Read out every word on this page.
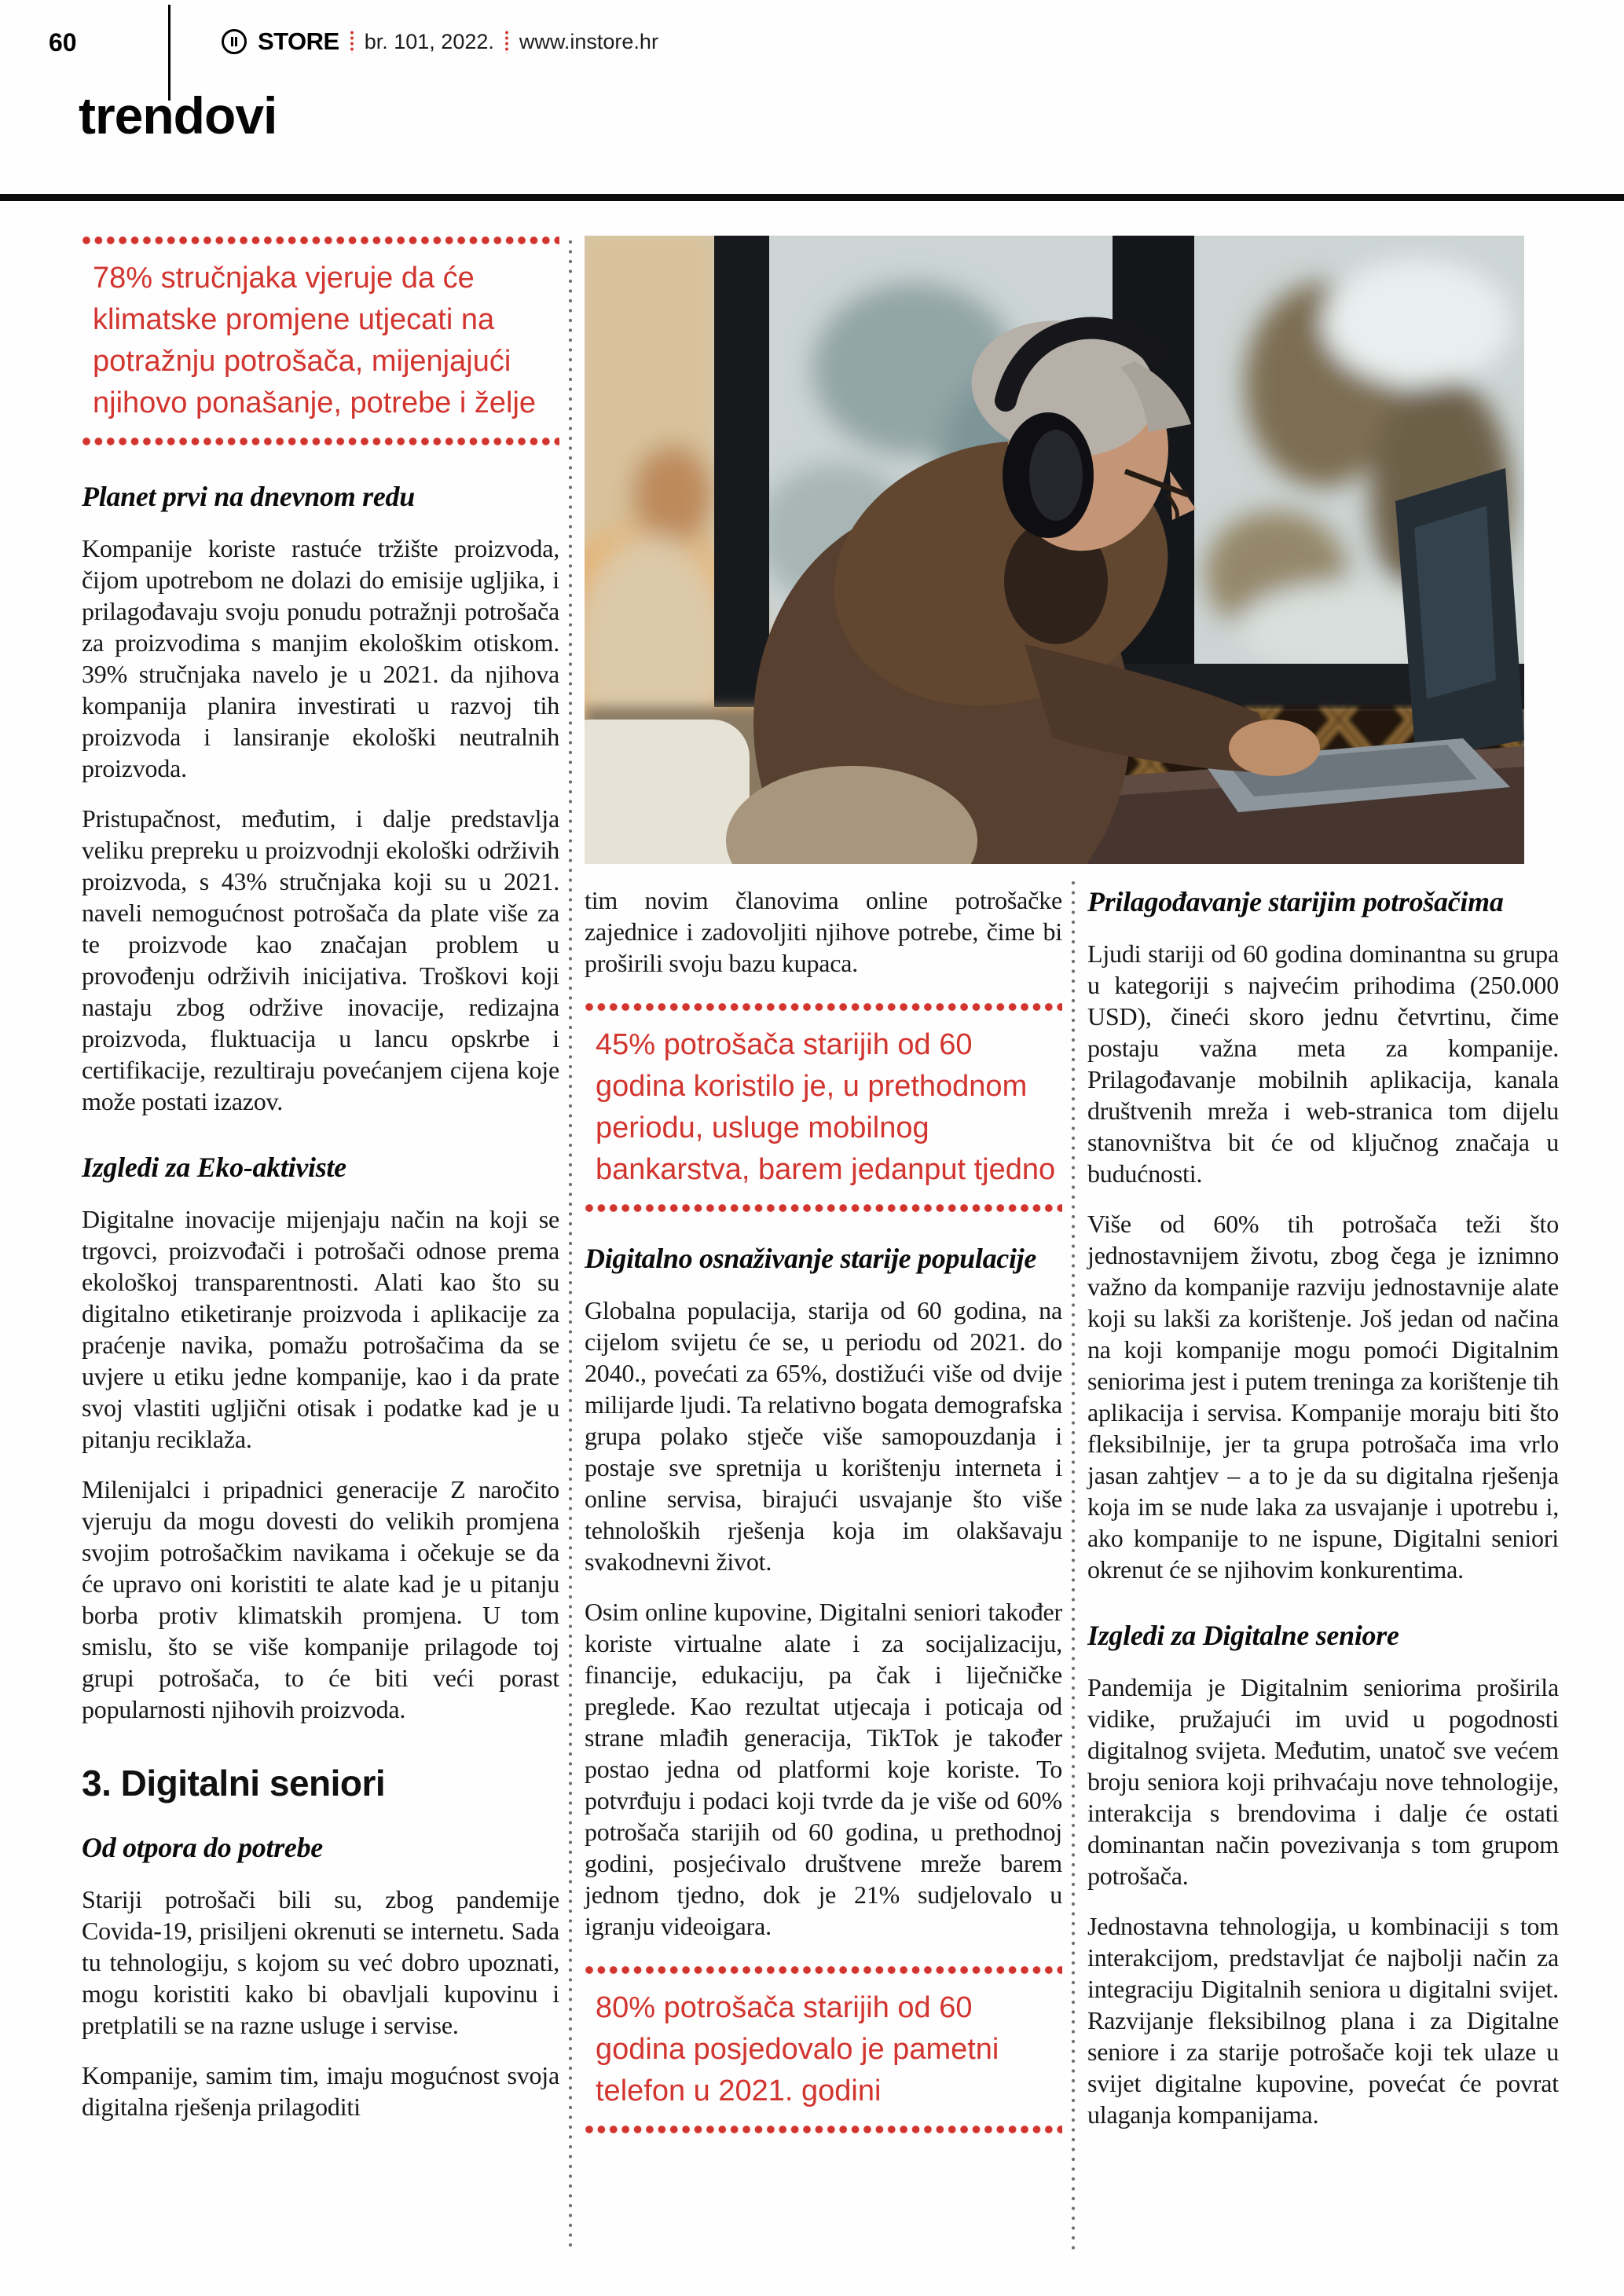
60	STORE br. 101, 2022. www.instore.hr
trendovi
78% stručnjaka vjeruje da će klimatske promjene utjecati na potražnju potrošača, mijenjajući njihovo ponašanje, potrebe i želje
Planet prvi na dnevnom redu

Kompanije koriste rastuće tržište proizvoda, čijom upotrebom ne dolazi do emisije ugljika, i prilagođavaju svoju ponudu potražnji potrošača za proizvodima s manjim ekološkim otiskom. 39% stručnjaka navelo je u 2021. da njihova kompanija planira investirati u razvoj tih proizvoda i lansiranje ekološki neutralnih proizvoda.

Pristupačnost, međutim, i dalje predstavlja veliku prepreku u proizvodnji ekološki održivih proizvoda, s 43% stručnjaka koji su u 2021. naveli nemogućnost potrošača da plate više za te proizvode kao značajan problem u provođenju održivih inicijativa. Troškovi koji nastaju zbog održive inovacije, redizajna proizvoda, fluktuacija u lancu opskrbe i certifikacije, rezultiraju povećanjem cijena koje može postati izazov.

Izgledi za Eko-aktiviste

Digitalne inovacije mijenjaju način na koji se trgovci, proizvođači i potrošači odnose prema ekološkoj transparentnosti. Alati kao što su digitalno etiketiranje proizvoda i aplikacije za praćenje navika, pomažu potrošačima da se uvjere u etiku jedne kompanije, kao i da prate svoj vlastiti ugljični otisak i podatke kad je u pitanju reciklaža.

Milenijalci i pripadnici generacije Z naročito vjeruju da mogu dovesti do velikih promjena svojim potrošačkim navikama i očekuje se da će upravo oni koristiti te alate kad je u pitanju borba protiv klimatskih promjena. U tom smislu, što se više kompanije prilagode toj grupi potrošača, to će biti veći porast popularnosti njihovih proizvoda.

3. Digitalni seniori
Od otpora do potrebe

Stariji potrošači bili su, zbog pandemije Covida-19, prisiljeni okrenuti se internetu. Sada tu tehnologiju, s kojom su već dobro upoznati, mogu koristiti kako bi obavljali kupovinu i pretplatili se na razne usluge i servise.

Kompanije, samim tim, imaju mogućnost svoja digitalna rješenja prilagoditi

tim novim članovima online potrošačke zajednice i zadovoljiti njihove potrebe, čime bi proširili svoju bazu kupaca.

45% potrošača starijih od 60 godina koristilo je, u prethodnom periodu, usluge mobilnog bankarstva, barem jedanput tjedno
Digitalno osnaživanje starije populacije

Globalna populacija, starija od 60 godina, na cijelom svijetu će se, u periodu od 2021. do 2040., povećati za 65%, dostižući više od dvije milijarde ljudi. Ta relativno bogata demografska grupa polako stječe više samopouzdanja i postaje sve spretnija u korištenju interneta i online servisa, birajući usvajanje što više tehnoloških rješenja koja im olakšavaju svakodnevni život.

Osim online kupovine, Digitalni seniori također koriste virtualne alate i za socijalizaciju, financije, edukaciju, pa čak i liječničke preglede. Kao rezultat utjecaja i poticaja od strane mlađih generacija, TikTok je također postao jedna od platformi koje koriste. To potvrđuju i podaci koji tvrde da je više od 60% potrošača starijih od 60 godina, u prethodnoj godini, posjećivalo društvene mreže barem jednom tjedno, dok je 21% sudjelovalo u igranju videoigara.

80% potrošača starijih od 60 godina posjedovalo je pametni telefon u 2021. godini
Prilagođavanje starijim potrošačima

Ljudi stariji od 60 godina dominantna su grupa u kategoriji s najvećim prihodima (250.000 USD), čineći skoro jednu četvrtinu, čime postaju važna meta za kompanije. Prilagođavanje mobilnih aplikacija, kanala društvenih mreža i web-stranica tom dijelu stanovništva bit će od ključnog značaja u budućnosti.

Više od 60% tih potrošača teži što jednostavnijem životu, zbog čega je iznimno važno da kompanije razviju jednostavnije alate koji su lakši za korištenje. Još jedan od načina na koji kompanije mogu pomoći Digitalnim seniorima jest i putem treninga za korištenje tih aplikacija i servisa. Kompanije moraju biti što fleksibilnije, jer ta grupa potrošača ima vrlo jasan zahtjev – a to je da su digitalna rješenja koja im se nude laka za usvajanje i upotrebu i, ako kompanije to ne ispune, Digitalni seniori okrenut će se njihovim konkurentima.

Izgledi za Digitalne seniore

Pandemija je Digitalnim seniorima proširila vidike, pružajući im uvid u pogodnosti digitalnog svijeta. Međutim, unatoč sve većem broju seniora koji prihvaćaju nove tehnologije, interakcija s brendovima i dalje će ostati dominantan način povezivanja s tom grupom potrošača.

Jednostavna tehnologija, u kombinaciji s tom interakcijom, predstavljat će najbolji način za integraciju Digitalnih seniora u digitalni svijet. Razvijanje fleksibilnog plana i za Digitalne seniore i za starije potrošače koji tek ulaze u svijet digitalne kupovine, povećat će povrat ulaganja kompanijama.
